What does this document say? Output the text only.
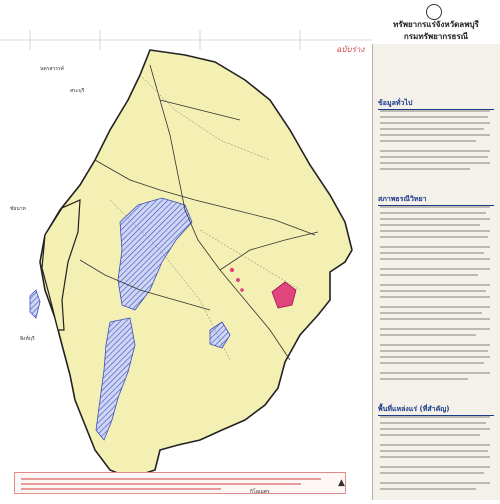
นครสวรรค์
สระบุรี
ชัยนาท
สิงห์บุรี
ทรัพยากรแร่จังหวัดลพบุรี
กรมทรัพยากรธรณี
ฉบับร่าง
ข้อมูลทั่วไป
สภาพธรณีวิทยา
พื้นที่แหล่งแร่ (ที่สำคัญ)
กิโลเมตร
▲
